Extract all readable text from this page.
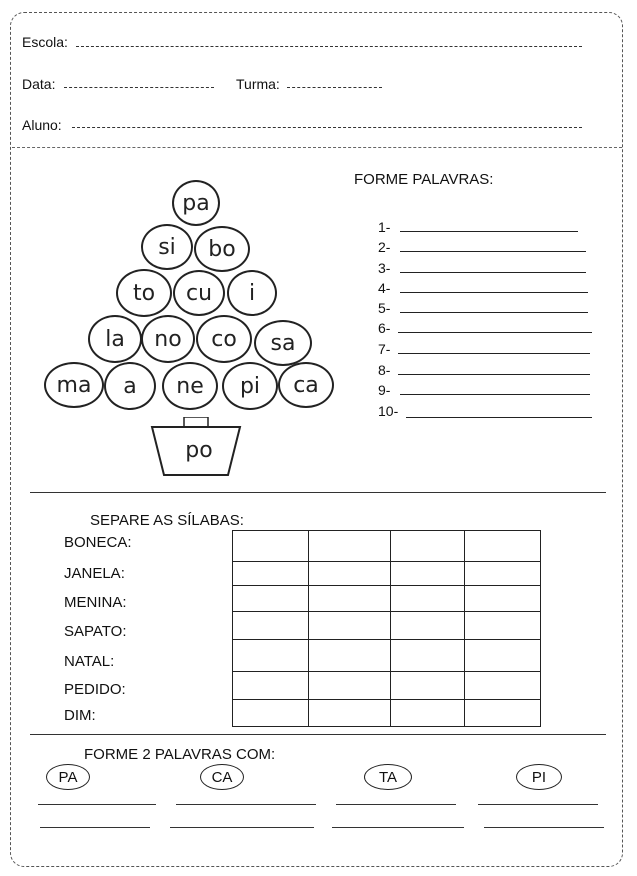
Escola:
Data:	Turma:
Aluno:
pa
si	bo
to	cu	i
la	no	co	sa
ma	a	ne	pi	ca
po
FORME PALAVRAS:
1-
2-
3-
4-
5-
6-
7-
8-
9-
10-
SEPARE AS SÍLABAS:
BONECA:
JANELA:
MENINA:
SAPATO:
NATAL:
PEDIDO:
DIM:

FORME 2 PALAVRAS COM:
PA	CA	TA	PI
